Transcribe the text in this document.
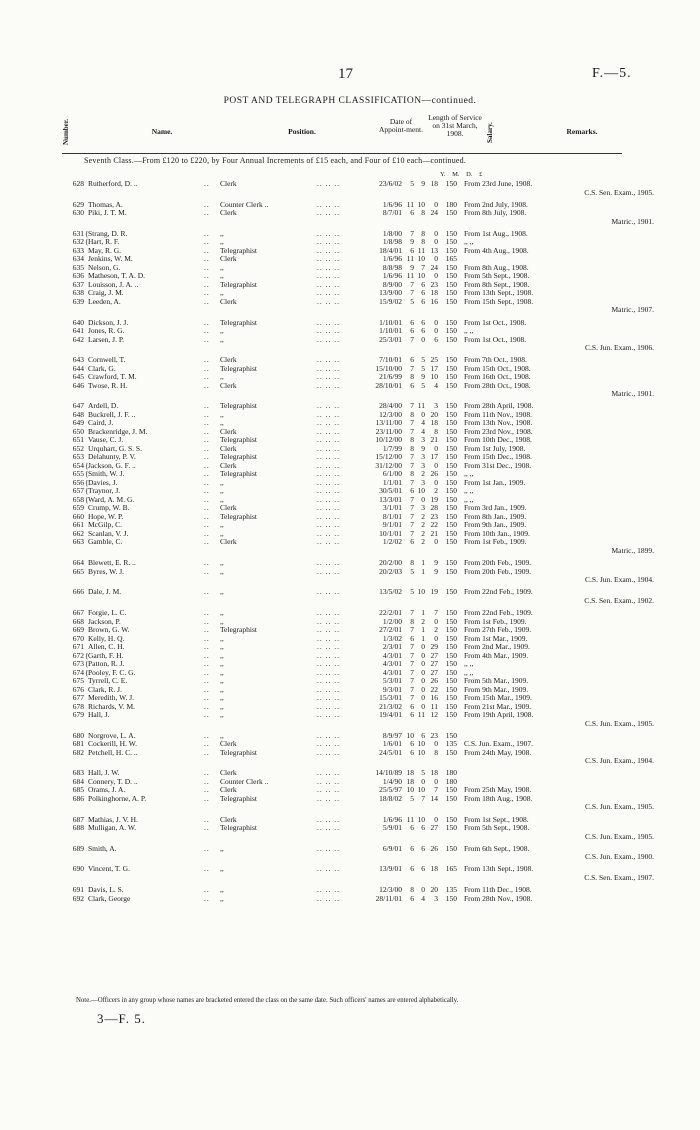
17	F.—5.
POST AND TELEGRAPH CLASSIFICATION—continued.
Number.	Name.	Position.
Date of Appoint-ment.
Length of Service on 31st March, 1908.	Salary.	Remarks.
Seventh Class.—From £120 to £220, by Four Annual Increments of £15 each, and Four of £10 each—continued.
Y. M. D. £
628 Rutherford, D. ..	.. Clerk	.. .. ..	23/6/02	5 9 18	150 From 23rd June, 1908.
C.S. Sen. Exam., 1905.
629 Thomas, A.	.. Counter Clerk ..	.. .. ..	1/6/96 11 10	0	180 From 2nd July, 1908.
630 Piki, J. T. M.	.. Clerk	.. .. ..	8/7/01	6 8 24	150 From 8th July, 1908.
Matric., 1901.
631 { Strang, D. R.	.. ,,	.. .. ..	1/8/00	7 8	0	150 From 1st Aug., 1908.
632 { Hart, R. F.	.. ,,	.. .. ..	1/8/98	9 8	0	150 ,, ,,
633 May, R. G.	.. Telegraphist	.. .. ..	18/4/01	6 11 13	150 From 4th Aug., 1908.
634 Jenkins, W. M.	.. Clerk	.. .. ..	1/6/96 11 10	0	165
635 Nelson, G.	.. ,,	.. .. ..	8/8/98	9 7 24	150 From 8th Aug., 1908.
636 Matheson, T. A. D.	.. ,,	.. .. ..	1/6/96 11 10	0	150 From 5th Sept., 1908.
637 Louisson, J. A. ..	.. Telegraphist	.. .. ..	8/9/00	7 6 23	150 From 8th Sept., 1908.
638 Craig, J. M.	.. ,,	.. .. ..	13/9/00	7 6 18	150 From 13th Sept., 1908.
639 Leeden, A.	.. Clerk	.. .. ..	15/9/02	5 6 16	150 From 15th Sept., 1908.
Matric., 1907.
640 Dickson, J. J.	.. Telegraphist	.. .. ..	1/10/01	6 6	0	150 From 1st Oct., 1908.
641 Jones, R. G.	.. ,,	.. .. ..	1/10/01	6 6	0	150 ,, ,,
642 Larsen, J. P.	.. ,,	.. .. ..	25/3/01	7 0	6	150 From 1st Oct., 1908.
C.S. Jun. Exam., 1906.
643 Cornwell, T.	.. Clerk	.. .. ..	7/10/01	6 5 25	150 From 7th Oct., 1908.
644 Clark, G.	.. Telegraphist	.. .. ..	15/10/00	7 5 17	150 From 15th Oct., 1908.
645 Crawford, T. M.	.. ,,	.. .. ..	21/6/99	8 9 10	150 From 16th Oct., 1908.
646 Twose, R. H.	.. Clerk	.. .. ..	28/10/01	6 5	4	150 From 28th Oct., 1908.
Matric., 1901.
647 Ardell, D.	.. Telegraphist	.. .. ..	28/4/00	7 11	3	150 From 28th April, 1908.
648 Buckrell, J. F. ..	.. ,,	.. .. ..	12/3/00	8 0 20	150 From 11th Nov., 1908.
649 Caird, J.	.. ,,	.. .. ..	13/11/00	7 4 18	150 From 13th Nov., 1908.
650 Brackenridge, J. M.	.. Clerk	.. .. ..	23/11/00	7 4	8	150 From 23rd Nov., 1908.
651 Vause, C. J.	.. Telegraphist	.. .. ..	10/12/00	8 3 21	150 From 10th Dec., 1908.
652 Urquhart, G. S. S.	.. Clerk	.. .. ..	1/7/99	8 9	0	150 From 1st July, 1908.
653 Delahunty, P. V.	.. Telegraphist	.. .. ..	15/12/00	7 3 17	150 From 15th Dec., 1908.
654 { Jackson, G. F. ..	.. Clerk	.. .. ..	31/12/00	7 3	0	150 From 31st Dec., 1908.
655 { Smith, W. J.	.. Telegraphist	.. .. ..	6/1/00	8 2 26	150 ,, ,,
656 { Davies, J.	.. ,,	.. .. ..	1/1/01	7 3	0	150 From 1st Jan., 1909.
657 { Traynor, J.	.. ,,	.. .. ..	30/5/01	6 10	2	150 ,, ,,
658 { Ward, A. M. G.	.. ,,	.. .. ..	13/3/01	7 0 19	150 ,, ,,
659 Crump, W. B.	.. Clerk	.. .. ..	3/1/01	7 3 28	150 From 3rd Jan., 1909.
660 Hope, W. P.	.. Telegraphist	.. .. ..	8/1/01	7 2 23	150 From 8th Jan., 1909.
661 McGilp, C.	.. ,,	.. .. ..	9/1/01	7 2 22	150 From 9th Jan., 1909.
662 Scanlan, V. J.	.. ,,	.. .. ..	10/1/01	7 2 21	150 From 10th Jan., 1909.
663 Gamble, C.	.. Clerk	.. .. ..	1/2/02	6 2	0	150 From 1st Feb., 1909.
Matric., 1899.
664 Blewett, E. R. ..	.. ,,	.. .. ..	20/2/00	8 1	9	150 From 20th Feb., 1909.
665 Byres, W. J.	.. ,,	.. .. ..	20/2/03	5 1	9	150 From 20th Feb., 1909.
C.S. Jun. Exam., 1904.
666 Dale, J. M.	.. ,,	.. .. ..	13/5/02	5 10 19	150 From 22nd Feb., 1909.
C.S. Sen. Exam., 1902.
667 Forgie, L. C.	.. ,,	.. .. ..	22/2/01	7 1	7	150 From 22nd Feb., 1909.
668 Jackson, P.	.. ,,	.. .. ..	1/2/00	8 2	0	150 From 1st Feb., 1909.
669 Brown, G. W.	.. Telegraphist	.. .. ..	27/2/01	7 1	2	150 From 27th Feb., 1909.
670 Kelly, H. Q.	.. ,,	.. .. ..	1/3/02	6 1	0	150 From 1st Mar., 1909.
671 Allen, C. H.	.. ,,	.. .. ..	2/3/01	7 0 29	150 From 2nd Mar., 1909.
672 { Garth, F. H.	.. ,,	.. .. ..	4/3/01	7 0 27	150 From 4th Mar., 1909.
673 { Patton, R. J.	.. ,,	.. .. ..	4/3/01	7 0 27	150 ,, ,,
674 { Pooley, F. C. G.	.. ,,	.. .. ..	4/3/01	7 0 27	150 ,, ,,
675 Tyrrell, C. E.	.. ,,	.. .. ..	5/3/01	7 0 26	150 From 5th Mar., 1909.
676 Clark, R. J.	.. ,,	.. .. ..	9/3/01	7 0 22	150 From 9th Mar., 1909.
677 Meredith, W. J.	.. ,,	.. .. ..	15/3/01	7 0 16	150 From 15th Mar., 1909.
678 Richards, V. M.	.. ,,	.. .. ..	21/3/02	6 0 11	150 From 21st Mar., 1909.
679 Hall, J.	.. ,,	.. .. ..	19/4/01	6 11 12	150 From 19th April, 1908.
C.S. Jun. Exam., 1905.
680 Norgrove, L. A.	.. ,,	.. .. ..	8/9/97 10 6 23	150
681 Cockerill, H. W.	.. Clerk	.. .. ..	1/6/01	6 10	0	135 C.S. Jun. Exam., 1907.
682 Petchell, H. C. ..	.. Telegraphist	.. .. ..	24/5/01	6 10	8	150 From 24th May, 1908.
C.S. Jun. Exam., 1904.
683 Hall, J. W.	.. Clerk	.. .. ..	14/10/89 18 5 18	180
684 Connery, T. D. ..	.. Counter Clerk ..	.. .. ..	1/4/90 18 0	0	180
685 Orams, J. A.	.. Clerk	.. .. ..	25/5/97 10 10	7	150 From 25th May, 1908.
686 Polkinghorne, A. P.	.. Telegraphist	.. .. ..	18/8/02	5 7 14	150 From 18th Aug., 1908.
C.S. Jun. Exam., 1905.
687 Mathias, J. V. H.	.. Clerk	.. .. ..	1/6/96 11 10	0	150 From 1st Sept., 1908.
688 Mulligan, A. W.	.. Telegraphist	.. .. ..	5/9/01	6 6 27	150 From 5th Sept., 1908.
C.S. Jun. Exam., 1905.
689 Smith, A.	.. ,,	.. .. ..	6/9/01	6 6 26	150 From 6th Sept., 1908.
C.S. Jun. Exam., 1900.
690 Vincent, T. G.	.. ,,	.. .. ..	13/9/01	6 6 18	165 From 13th Sept., 1908.
C.S. Sen. Exam., 1907.
691 Davis, L. S.	.. ,,	.. .. ..	12/3/00	8 0 20	135 From 11th Dec., 1908.
692 Clark, George	.. ,,	.. .. ..	28/11/01	6 4	3	150 From 28th Nov., 1908.
Note.—Officers in any group whose names are bracketed entered the class on the same date. Such officers' names are entered alphabetically.
3—F. 5.
